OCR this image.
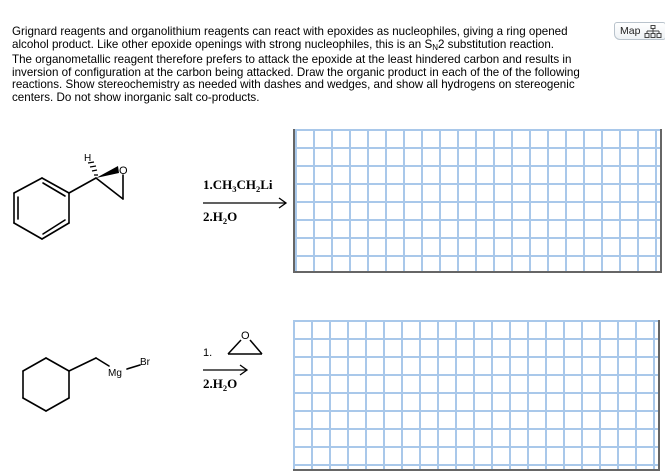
Grignard reagents and organolithium reagents can react with epoxides as nucleophiles, giving a ring opened
alcohol product. Like other epoxide openings with strong nucleophiles, this is an $S_N2$ substitution reaction.

The organometallic reagent therefore prefers to attack the epoxide at the least hindered carbon and results in inversion of configuration at the carbon being attacked. Draw the organic product in each of the of the following reactions. Show stereochemistry as needed with dashes and wedges, and show all hydrogens on stereogenic centers. Do not show inorganic salt co-products.

Map
H
O
Mg
Br
O
$1.CH_3CH_2Li$
$2.H_2O$
1.
$2.H_2O$
